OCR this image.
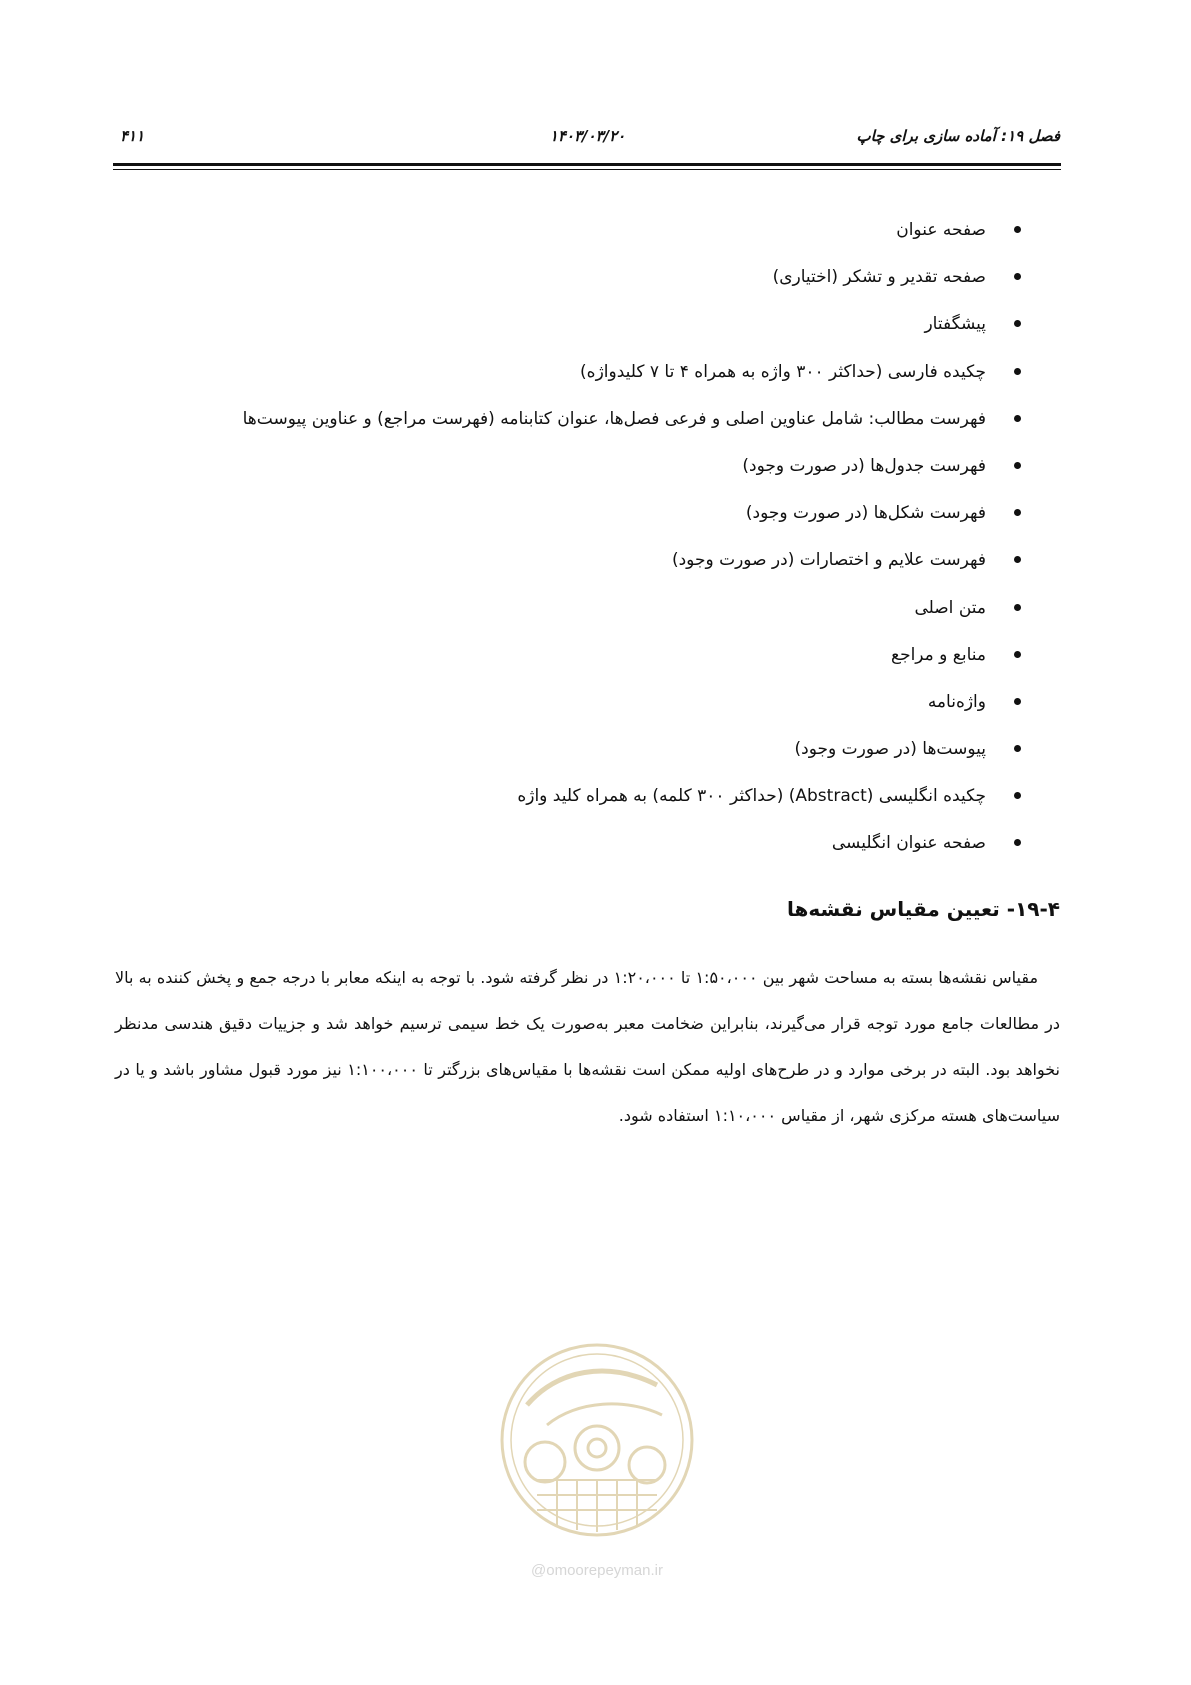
فصل ۱۹: آماده سازی برای چاپ
۱۴۰۳/۰۳/۲۰
۴۱۱
صفحه عنوان
صفحه تقدیر و تشکر (اختیاری)
پیشگفتار
چکیده فارسی (حداکثر ۳۰۰ واژه به همراه ۴ تا ۷ کلیدواژه)
فهرست مطالب: شامل عناوین اصلی و فرعی فصل‌ها، عنوان کتابنامه (فهرست مراجع) و عناوین پیوست‌ها
فهرست جدول‌ها (در صورت وجود)
فهرست شکل‌ها (در صورت وجود)
فهرست علایم و اختصارات (در صورت وجود)
متن اصلی
منابع و مراجع
واژه‌نامه
پیوست‌ها (در صورت وجود)
چکیده انگلیسی (Abstract) (حداکثر ۳۰۰ کلمه) به همراه کلید واژه
صفحه عنوان انگلیسی
۱۹-۴- تعیین مقیاس نقشه‌ها

مقیاس نقشه‌ها بسته به مساحت شهر بین ۱:۵۰،۰۰۰ تا ۱:۲۰،۰۰۰ در نظر گرفته شود. با توجه به اینکه معابر با درجه جمع و پخش کننده به بالا در مطالعات جامع مورد توجه قرار می‌گیرند، بنابراین ضخامت معبر به‌صورت یک خط سیمی ترسیم خواهد شد و جزییات دقیق هندسی مدنظر نخواهد بود. البته در برخی موارد و در طرح‌های اولیه ممکن است نقشه‌ها با مقیاس‌های بزرگتر تا ۱:۱۰۰،۰۰۰ نیز مورد قبول مشاور باشد و یا در سیاست‌های هسته مرکزی شهر، از مقیاس ۱:۱۰،۰۰۰ استفاده شود.

@omoorepeyman.ir
